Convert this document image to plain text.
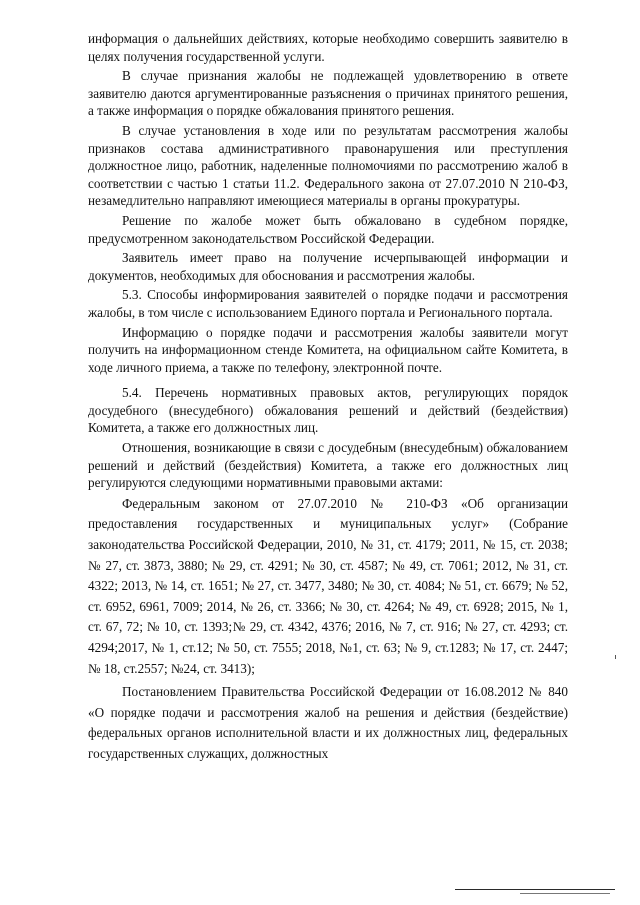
информация о дальнейших действиях, которые необходимо совершить заявителю в целях получения государственной услуги.

В случае признания жалобы не подлежащей удовлетворению в ответе заявителю даются аргументированные разъяснения о причинах принятого решения, а также информация о порядке обжалования принятого решения.

В случае установления в ходе или по результатам рассмотрения жалобы признаков состава административного правонарушения или преступления должностное лицо, работник, наделенные полномочиями по рассмотрению жалоб в соответствии с частью 1 статьи 11.2. Федерального закона от 27.07.2010 N 210-ФЗ, незамедлительно направляют имеющиеся материалы в органы прокуратуры.

Решение по жалобе может быть обжаловано в судебном порядке, предусмотренном законодательством Российской Федерации.

Заявитель имеет право на получение исчерпывающей информации и документов, необходимых для обоснования и рассмотрения жалобы.

5.3. Способы информирования заявителей о порядке подачи и рассмотрения жалобы, в том числе с использованием Единого портала и Регионального портала.

Информацию о порядке подачи и рассмотрения жалобы заявители могут получить на информационном стенде Комитета, на официальном сайте Комитета, в ходе личного приема, а также по телефону, электронной почте.

5.4. Перечень нормативных правовых актов, регулирующих порядок досудебного (внесудебного) обжалования решений и действий (бездействия) Комитета, а также его должностных лиц.

Отношения, возникающие в связи с досудебным (внесудебным) обжалованием решений и действий (бездействия) Комитета, а также его должностных лиц регулируются следующими нормативными правовыми актами:

Федеральным законом от 27.07.2010 № 210-ФЗ «Об организации предоставления государственных и муниципальных услуг» (Собрание законодательства Российской Федерации, 2010, № 31, ст. 4179; 2011, № 15, ст. 2038; № 27, ст. 3873, 3880; № 29, ст. 4291; № 30, ст. 4587; № 49, ст. 7061; 2012, № 31, ст. 4322; 2013, № 14, ст. 1651; № 27, ст. 3477, 3480; № 30, ст. 4084; № 51, ст. 6679; № 52, ст. 6952, 6961, 7009; 2014, № 26, ст. 3366; № 30, ст. 4264; № 49, ст. 6928; 2015, № 1, ст. 67, 72; № 10, ст. 1393;№ 29, ст. 4342, 4376; 2016, № 7, ст. 916; № 27, ст. 4293; ст. 4294;2017, № 1, ст.12; № 50, ст. 7555; 2018, №1, ст. 63; № 9, ст.1283; № 17, ст. 2447; № 18, ст.2557; №24, ст. 3413);

Постановлением Правительства Российской Федерации от 16.08.2012 № 840 «О порядке подачи и рассмотрения жалоб на решения и действия (бездействие) федеральных органов исполнительной власти и их должностных лиц, федеральных государственных служащих, должностных
